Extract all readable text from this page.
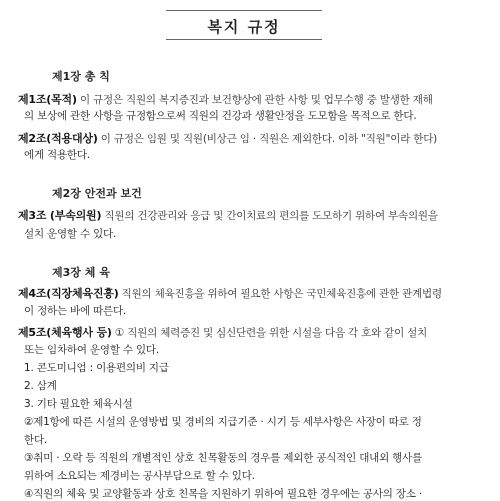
복지 규정
제1장 총 칙
제1조(목적) 이 규정은 직원의 복지증진과 보건향상에 관한 사항 및 업무수행 중 발생한 재해
의 보상에 관한 사항을 규정함으로써 직원의 건강과 생활안정을 도모함을 목적으로 한다.
제2조(적용대상) 이 규정은 임원 및 직원(비상근 임 · 직원은 제외한다. 이하 "직원"이라 한다)
에게 적용한다.
제2장 안전과 보건
제3조 (부속의원) 직원의 건강관리와 응급 및 간이치료의 편의를 도모하기 위하여 부속의원을
설치 운영할 수 있다.
제3장 체 육
제4조(직장체육진흥) 직원의 체육진흥을 위하여 필요한 사항은 국민체육진흥에 관한 관계법령
이 정하는 바에 따른다.
제5조(체육행사 등) ① 직원의 체력증진 및 심신단련을 위한 시설을 다음 각 호와 같이 설치
또는 임차하여 운영할 수 있다.
1. 콘도미니엄 : 이용편의비 지급
2. 삼계
3. 기타 필요한 체육시설
②제1항에 따른 시설의 운영방법 및 경비의 지급기준 · 시기 등 세부사항은 사장이 따로 정
한다.
③취미 · 오락 등 직원의 개별적인 상호 친목활동의 경우를 제외한 공식적인 대내외 행사를
위하여 소요되는 제경비는 공사부담으로 할 수 있다.
④직원의 체육 및 교양활동과 상호 친목을 지원하기 위하여 필요한 경우에는 공사의 장소 ·
